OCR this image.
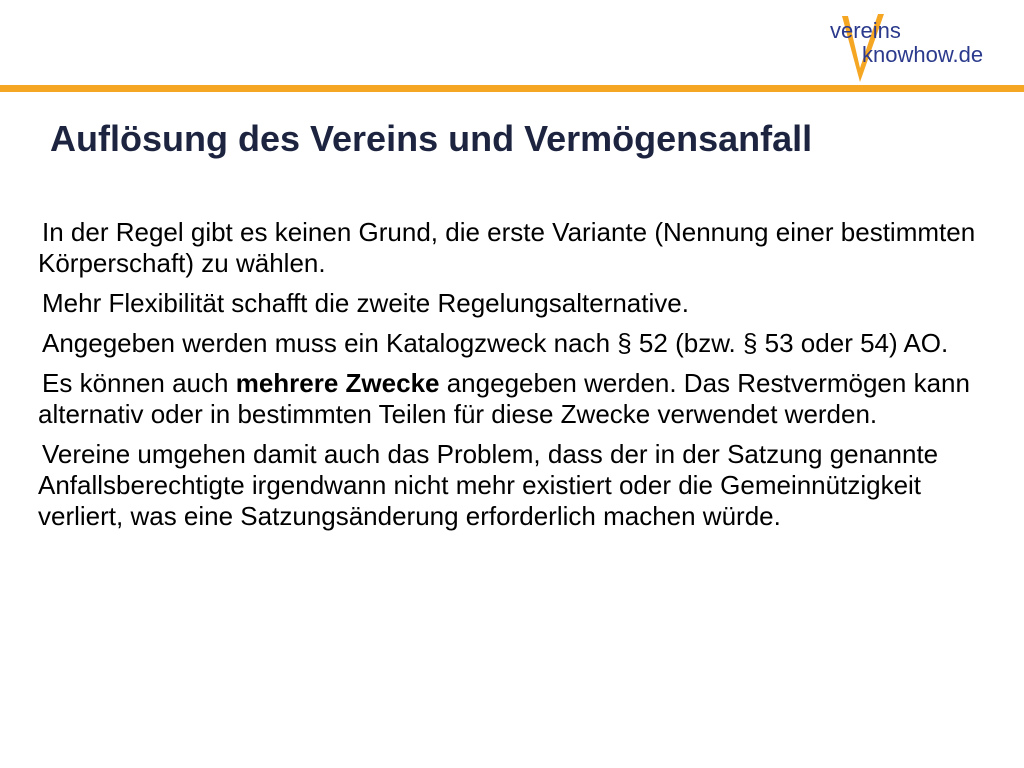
vereins
knowhow.de
Auflösung des Vereins und Vermögensanfall

In der Regel gibt es keinen Grund, die erste Variante (Nennung einer bestimmten Körperschaft) zu wählen.

Mehr Flexibilität schafft die zweite Regelungsalternative.

Angegeben werden muss ein Katalogzweck nach § 52 (bzw. § 53 oder 54) AO.

Es können auch mehrere Zwecke angegeben werden. Das Restvermögen kann alternativ oder in bestimmten Teilen für diese Zwecke verwendet werden.

Vereine umgehen damit auch das Problem, dass der in der Satzung genannte Anfallsberechtigte irgendwann nicht mehr existiert oder die Gemeinnützigkeit verliert, was eine Satzungsänderung erforderlich machen würde.
